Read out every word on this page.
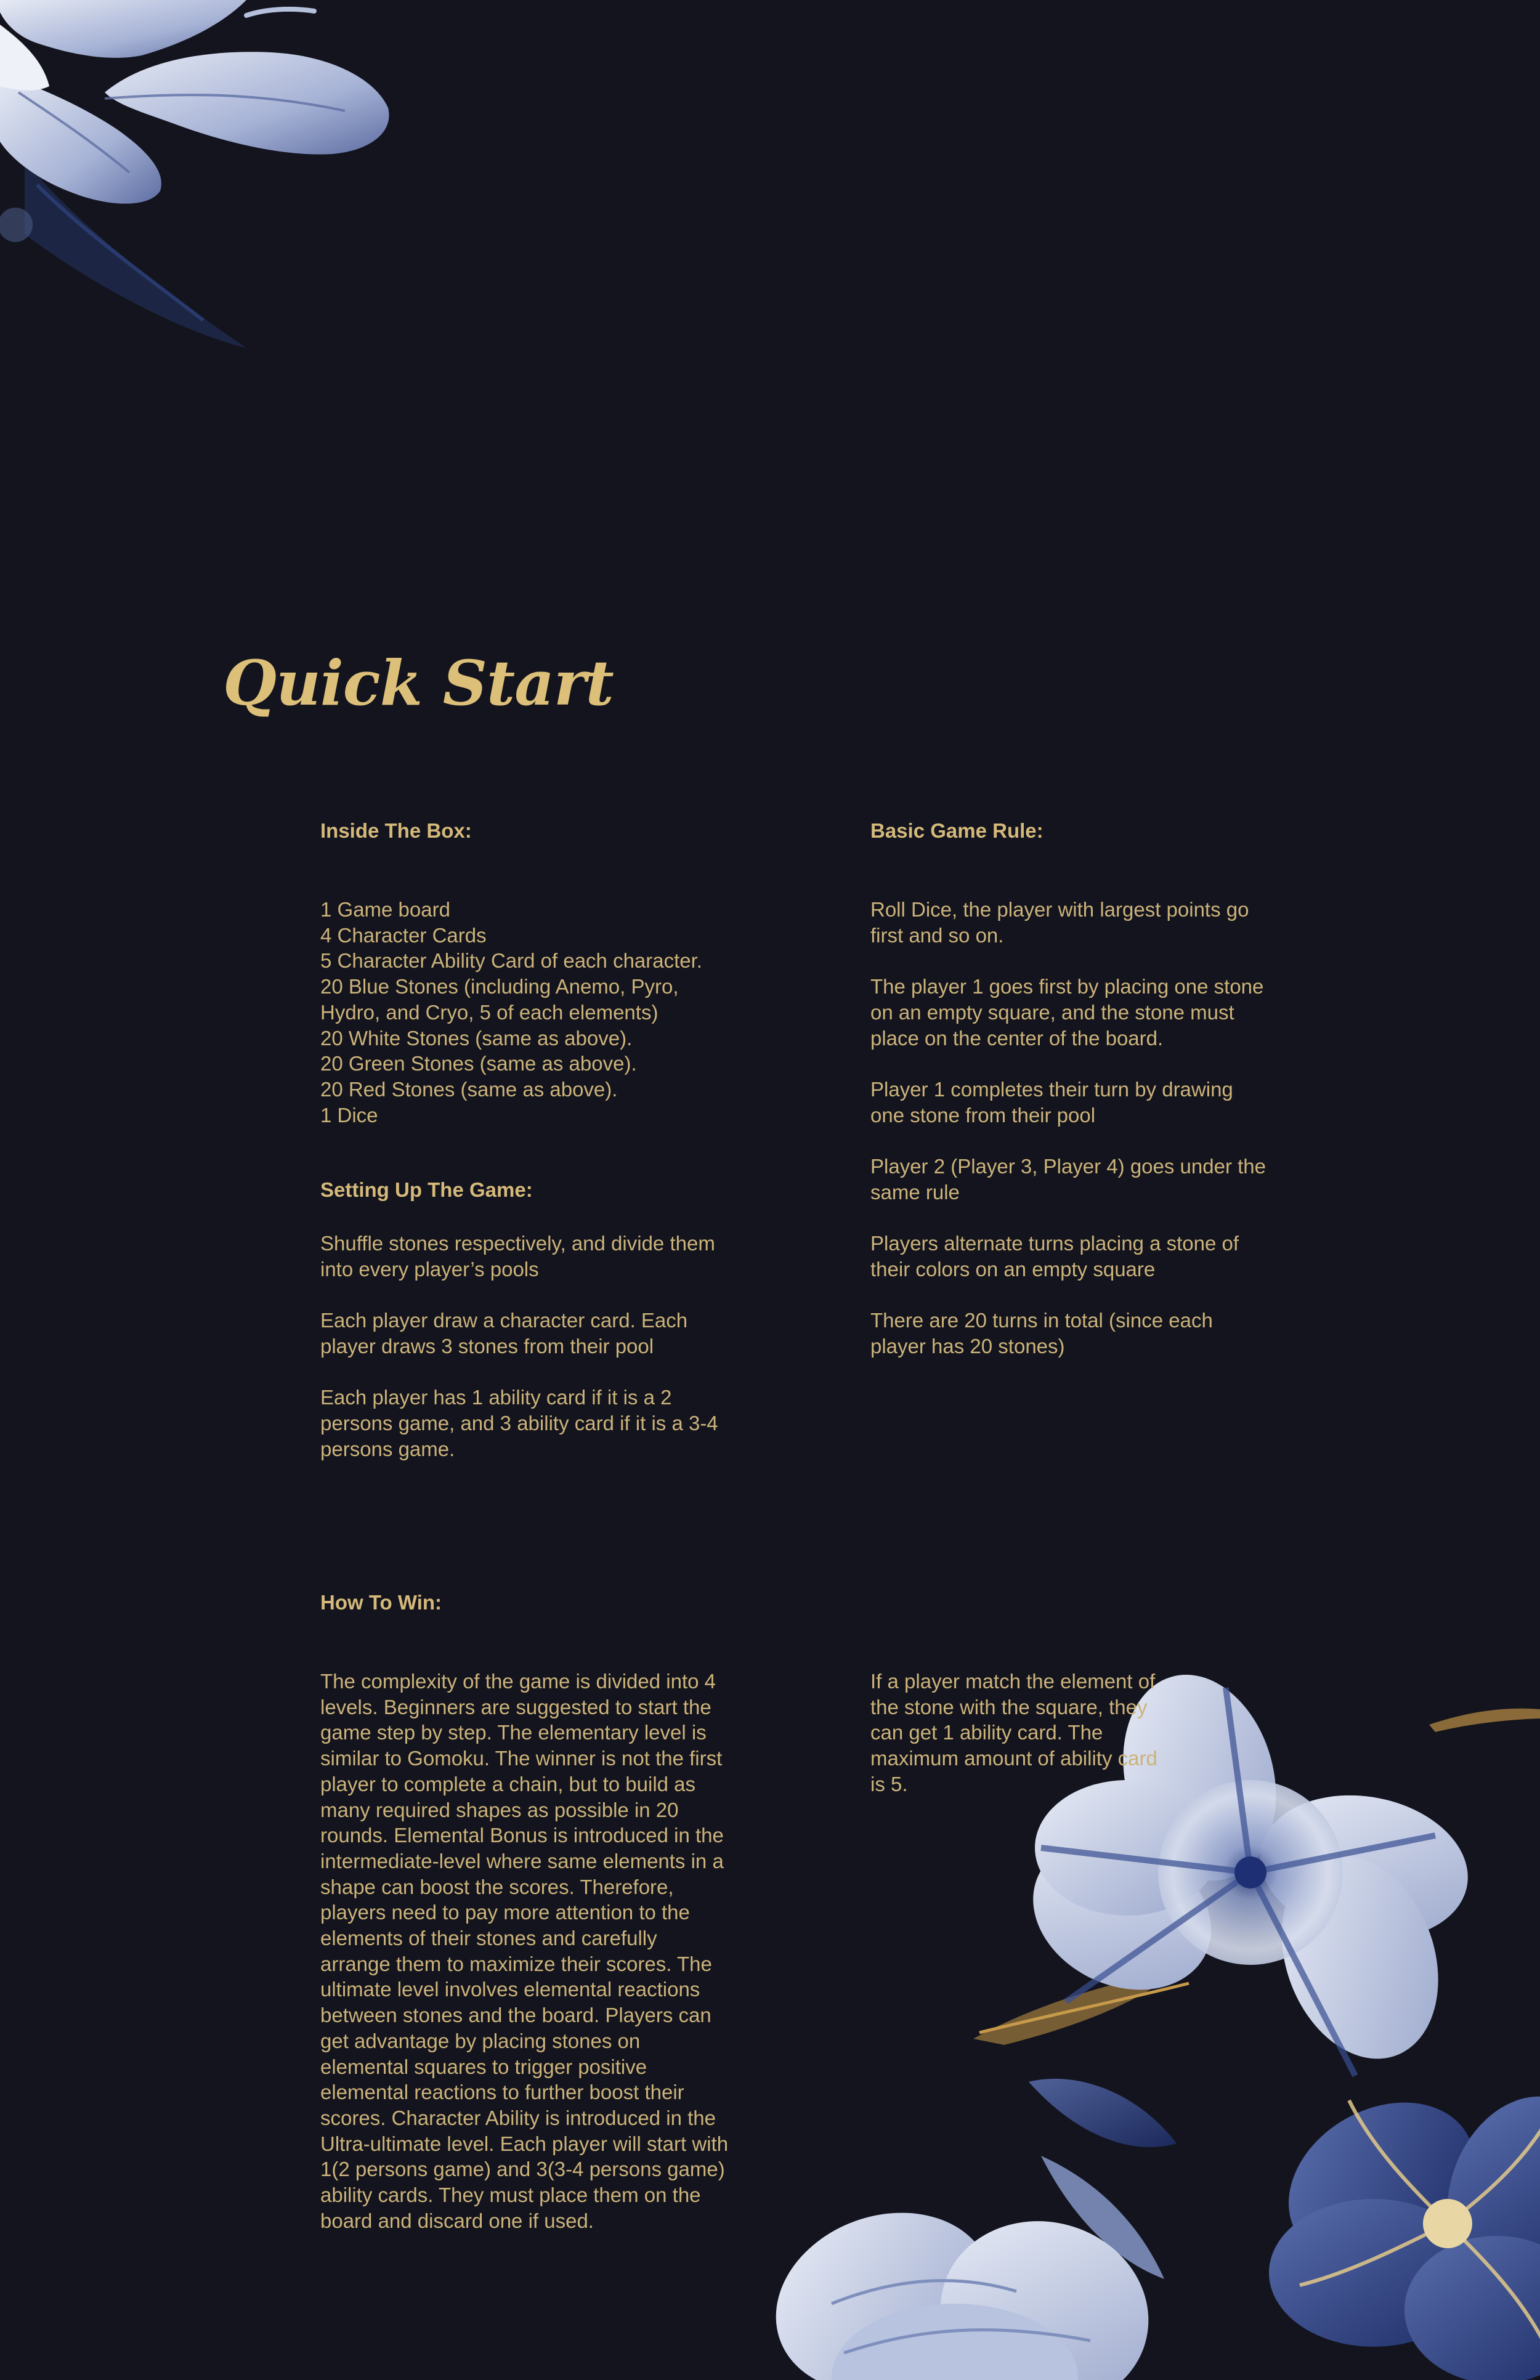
Quick Start
Inside The Box:
1 Game board
4 Character Cards
5 Character Ability Card of each character.
20 Blue Stones (including Anemo, Pyro,
Hydro, and Cryo, 5 of each elements)
20 White Stones (same as above).
20 Green Stones (same as above).
20 Red Stones (same as above).
1 Dice
Setting Up The Game:
Shuffle stones respectively, and divide them
into every player’s pools
Each player draw a character card. Each
player draws 3 stones from their pool
Each player has 1 ability card if it is a 2
persons game, and 3 ability card if it is a 3-4
persons game.
Basic Game Rule:
Roll Dice, the player with largest points go
first and so on.
The player 1 goes first by placing one stone
on an empty square, and the stone must
place on the center of the board.
Player 1 completes their turn by drawing
one stone from their pool
Player 2 (Player 3, Player 4) goes under the
same rule
Players alternate turns placing a stone of
their colors on an empty square
There are 20 turns in total (since each
player has 20 stones)
How To Win:
The complexity of the game is divided into 4
levels. Beginners are suggested to start the
game step by step. The elementary level is
similar to Gomoku. The winner is not the first
player to complete a chain, but to build as
many required shapes as possible in 20
rounds. Elemental Bonus is introduced in the
intermediate-level where same elements in a
shape can boost the scores. Therefore,
players need to pay more attention to the
elements of their stones and carefully
arrange them to maximize their scores. The
ultimate level involves elemental reactions
between stones and the board. Players can
get advantage by placing stones on
elemental squares to trigger positive
elemental reactions to further boost their
scores. Character Ability is introduced in the
Ultra-ultimate level. Each player will start with
1(2 persons game) and 3(3-4 persons game)
ability cards. They must place them on the
board and discard one if used.
If a player match the element of
the stone with the square, they
can get 1 ability card. The
maximum amount of ability card
is 5.
